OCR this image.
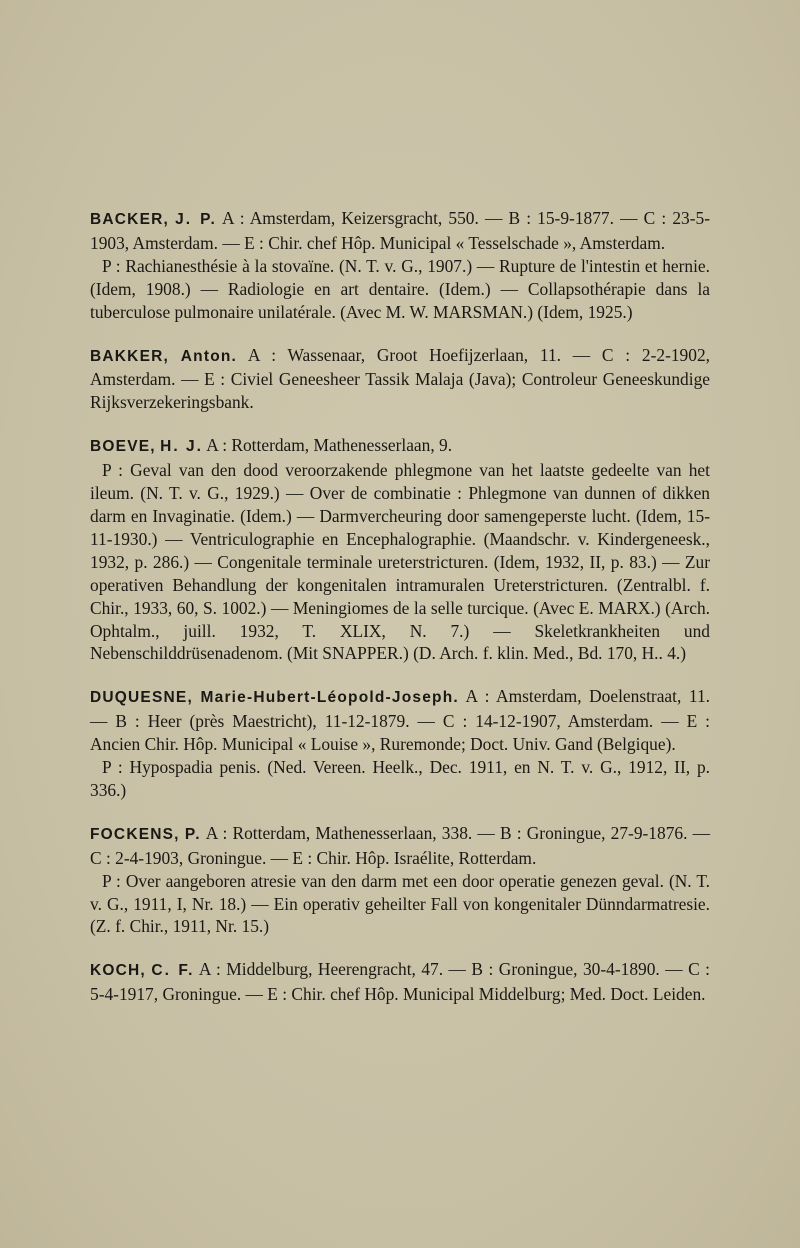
BACKER, J. P. A : Amsterdam, Keizersgracht, 550. — B : 15-9-1877. — C : 23-5-1903, Amsterdam. — E : Chir. chef Hôp. Municipal « Tesselschade », Amsterdam.

P : Rachianesthésie à la stovaïne. (N. T. v. G., 1907.) — Rupture de l'intestin et hernie. (Idem, 1908.) — Radiologie en art dentaire. (Idem.) — Collapsothérapie dans la tuberculose pulmonaire unilatérale. (Avec M. W. MARSMAN.) (Idem, 1925.)

BAKKER, Anton. A : Wassenaar, Groot Hoefijzerlaan, 11. — C : 2-2-1902, Amsterdam. — E : Civiel Geneesheer Tassik Malaja (Java); Controleur Geneeskundige Rijksverzekeringsbank.

BOEVE, H. J. A : Rotterdam, Mathenesserlaan, 9.

P : Geval van den dood veroorzakende phlegmone van het laatste gedeelte van het ileum. (N. T. v. G., 1929.) — Over de combinatie : Phlegmone van dunnen of dikken darm en Invaginatie. (Idem.) — Darmvercheuring door samengeperste lucht. (Idem, 15-11-1930.) — Ventriculographie en Encephalographie. (Maandschr. v. Kindergeneesk., 1932, p. 286.) — Congenitale terminale ureterstricturen. (Idem, 1932, II, p. 83.) — Zur operativen Behandlung der kongenitalen intramuralen Ureterstricturen. (Zentralbl. f. Chir., 1933, 60, S. 1002.) — Meningiomes de la selle turcique. (Avec E. MARX.) (Arch. Ophtalm., juill. 1932, T. XLIX, N. 7.) — Skeletkrankheiten und Nebenschilddrüsenadenom. (Mit SNAPPER.) (D. Arch. f. klin. Med., Bd. 170, H.. 4.)

DUQUESNE, Marie-Hubert-Léopold-Joseph. A : Amsterdam, Doelenstraat, 11. — B : Heer (près Maestricht), 11-12-1879. — C : 14-12-1907, Amsterdam. — E : Ancien Chir. Hôp. Municipal « Louise », Ruremonde; Doct. Univ. Gand (Belgique).

P : Hypospadia penis. (Ned. Vereen. Heelk., Dec. 1911, en N. T. v. G., 1912, II, p. 336.)

FOCKENS, P. A : Rotterdam, Mathenesserlaan, 338. — B : Groningue, 27-9-1876. — C : 2-4-1903, Groningue. — E : Chir. Hôp. Israélite, Rotterdam.

P : Over aangeboren atresie van den darm met een door operatie genezen geval. (N. T. v. G., 1911, I, Nr. 18.) — Ein operativ geheilter Fall von kongenitaler Dünndarmatresie. (Z. f. Chir., 1911, Nr. 15.)

KOCH, C. F. A : Middelburg, Heerengracht, 47. — B : Groningue, 30-4-1890. — C : 5-4-1917, Groningue. — E : Chir. chef Hôp. Municipal Middelburg; Med. Doct. Leiden.
